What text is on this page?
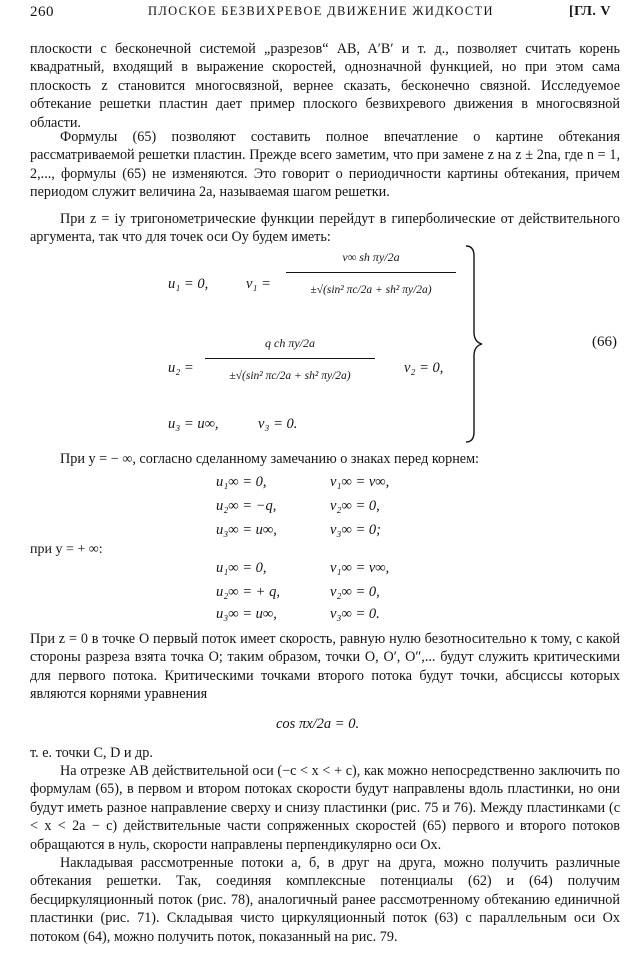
260	ПЛОСКОЕ БЕЗВИХРЕВОЕ ДВИЖЕНИЕ ЖИДКОСТИ	[ГЛ. V

плоскости с бесконечной системой „разрезов“ AB, A′B′ и т. д., позволяет считать корень квадратный, входящий в выражение скоростей, однозначной функцией, но при этом сама плоскость z становится многосвязной, вернее сказать, бесконечно связной. Исследуемое обтекание решетки пластин дает пример плоского безвихревого движения в многосвязной области.

Формулы (65) позволяют составить полное впечатление о картине обтекания рассматриваемой решетки пластин. Прежде всего заметим, что при замене z на z ± 2na, где n = 1, 2,..., формулы (65) не изменяются. Это говорит о периодичности картины обтекания, причем периодом служит величина 2a, называемая шагом решетки.

При z = iy тригонометрические функции перейдут в гиперболические от действительного аргумента, так что для точек оси Oy будем иметь:

u₁ = 0,	v₁ =
v∞ sh πy/2a
±√(sin² πc/2a + sh² πy/2a)
u₂ =
q ch πy/2a
±√(sin² πc/2a + sh² πy/2a)	v₂ = 0,
u₃ = u∞,	v₃ = 0.
(66)

При y = − ∞, согласно сделанному замечанию о знаках перед корнем:

u₁∞ = 0,	v₁∞ = v∞,
u₂∞ = −q,	v₂∞ = 0,
u₃∞ = u∞,	v₃∞ = 0;
при y = + ∞:
u₁∞ = 0,	v₁∞ = v∞,
u₂∞ = + q,	v₂∞ = 0,
u₃∞ = u∞,	v₃∞ = 0.

При z = 0 в точке O первый поток имеет скорость, равную нулю безотносительно к тому, с какой стороны разреза взята точка O; таким образом, точки O, O′, O″,... будут служить критическими для первого потока. Критическими точками второго потока будут точки, абсциссы которых являются корнями уравнения

cos πx/2a = 0.

т. е. точки C, D и др.

На отрезке AB действительной оси (−c < x < + c), как можно непосредственно заключить по формулам (65), в первом и втором потоках скорости будут направлены вдоль пластинки, но они будут иметь разное направление сверху и снизу пластинки (рис. 75 и 76). Между пластинками (c < x < 2a − c) действительные части сопряженных скоростей (65) первого и второго потоков обращаются в нуль, скорости направлены перпендикулярно оси Ox.

Накладывая рассмотренные потоки а, б, в друг на друга, можно получить различные обтекания решетки. Так, соединяя комплексные потенциалы (62) и (64) получим бесциркуляционный поток (рис. 78), аналогичный ранее рассмотренному обтеканию единичной пластинки (рис. 71). Складывая чисто циркуляционный поток (63) с параллельным оси Ox потоком (64), можно получить поток, показанный на рис. 79.
